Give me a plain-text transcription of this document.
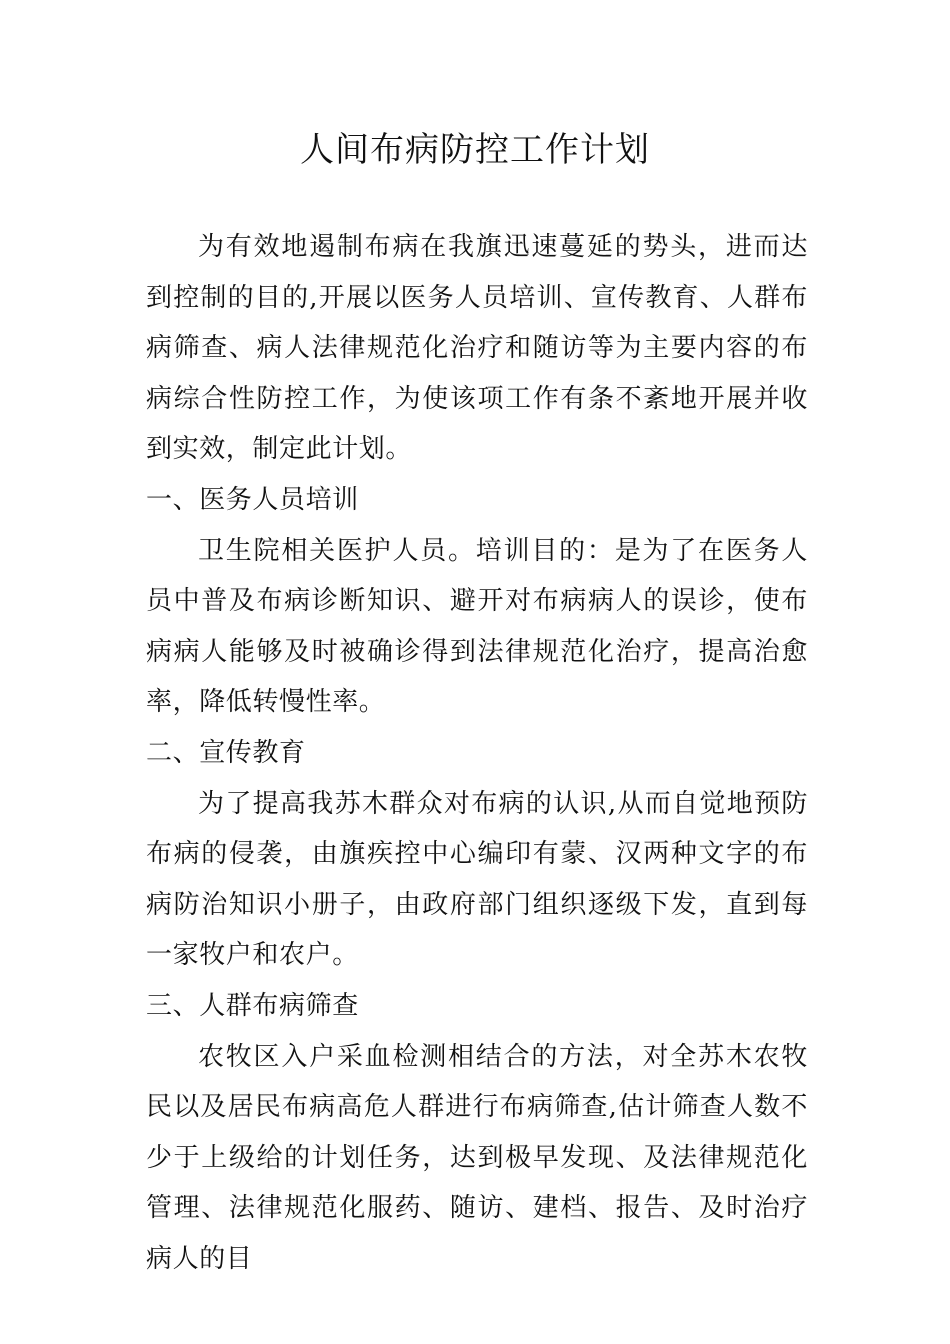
人间布病防控工作计划

为有效地遏制布病在我旗迅速蔓延的势头，进而达到控制的目的,开展以医务人员培训、宣传教育、人群布病筛查、病人法律规范化治疗和随访等为主要内容的布病综合性防控工作，为使该项工作有条不紊地开展并收到实效，制定此计划。

一、医务人员培训

卫生院相关医护人员。培训目的：是为了在医务人员中普及布病诊断知识、避开对布病病人的误诊，使布病病人能够及时被确诊得到法律规范化治疗，提高治愈率，降低转慢性率。

二、宣传教育

为了提高我苏木群众对布病的认识,从而自觉地预防布病的侵袭，由旗疾控中心编印有蒙、汉两种文字的布病防治知识小册子，由政府部门组织逐级下发，直到每一家牧户和农户。

三、人群布病筛查

农牧区入户采血检测相结合的方法，对全苏木农牧民以及居民布病高危人群进行布病筛查,估计筛查人数不少于上级给的计划任务，达到极早发现、及法律规范化管理、法律规范化服药、随访、建档、报告、及时治疗病人的目
